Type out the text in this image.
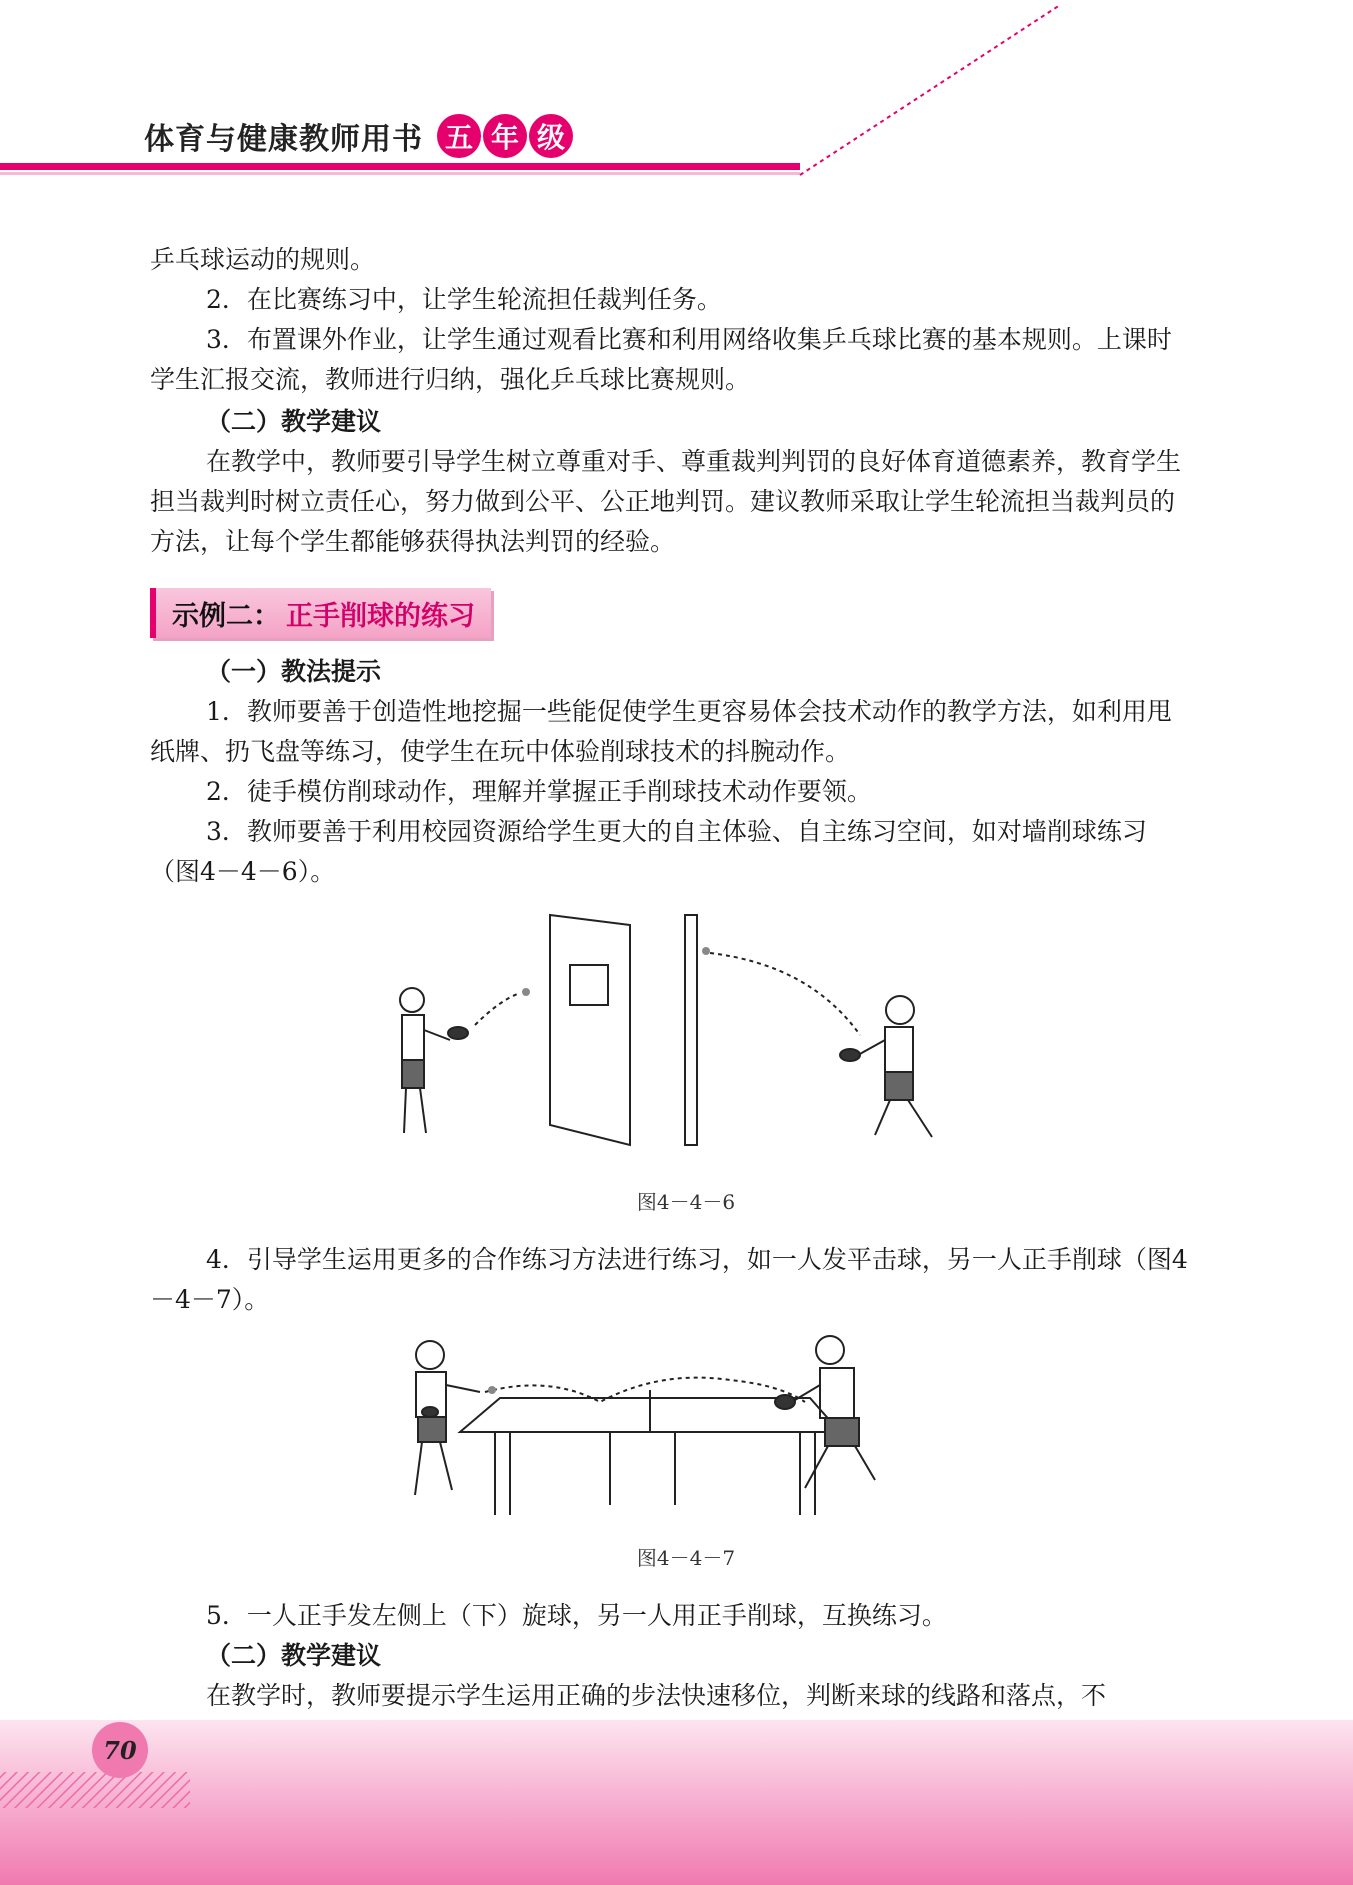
体育与健康教师用书 五 年 级

乒乓球运动的规则。

2．在比赛练习中，让学生轮流担任裁判任务。

3．布置课外作业，让学生通过观看比赛和利用网络收集乒乓球比赛的基本规则。上课时学生汇报交流，教师进行归纳，强化乒乓球比赛规则。

（二）教学建议

在教学中，教师要引导学生树立尊重对手、尊重裁判判罚的良好体育道德素养，教育学生担当裁判时树立责任心，努力做到公平、公正地判罚。建议教师采取让学生轮流担当裁判员的方法，让每个学生都能够获得执法判罚的经验。

示例二 ： 正手削球的练习

（一）教法提示

1．教师要善于创造性地挖掘一些能促使学生更容易体会技术动作的教学方法，如利用甩纸牌、扔飞盘等练习，使学生在玩中体验削球技术的抖腕动作。

2．徒手模仿削球动作，理解并掌握正手削球技术动作要领。

3．教师要善于利用校园资源给学生更大的自主体验、自主练习空间，如对墙削球练习（图4－4－6）。

图4－4－6

4．引导学生运用更多的合作练习方法进行练习，如一人发平击球，另一人正手削球（图4－4－7）。

图4－4－7

5．一人正手发左侧上（下）旋球，另一人用正手削球，互换练习。

（二）教学建议

在教学时，教师要提示学生运用正确的步法快速移位，判断来球的线路和落点，不

70
